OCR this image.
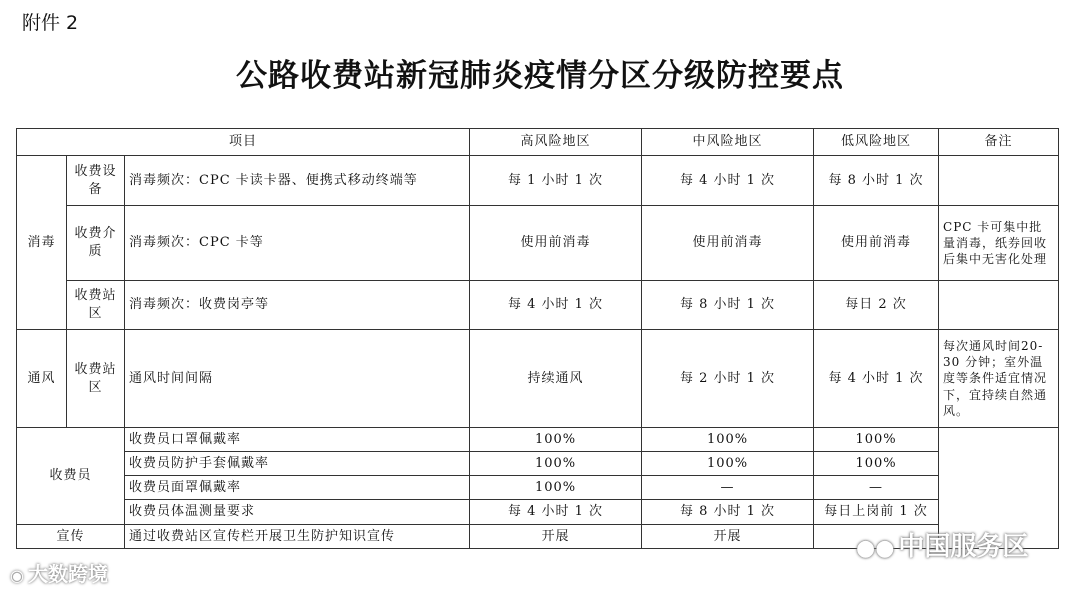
附件 2
公路收费站新冠肺炎疫情分区分级防控要点
项目			高风险地区	中风险地区	低风险地区	备注
消毒	收费设备	消毒频次：CPC 卡读卡器、便携式移动终端等	每 1 小时 1 次	每 4 小时 1 次	每 8 小时 1 次	
	收费介质	消毒频次：CPC 卡等	使用前消毒	使用前消毒	使用前消毒	CPC 卡可集中批量消毒，纸券回收后集中无害化处理
	收费站区	消毒频次：收费岗亭等	每 4 小时 1 次	每 8 小时 1 次	每日 2 次	
通风	收费站区	通风时间间隔	持续通风	每 2 小时 1 次	每 4 小时 1 次	每次通风时间20-30 分钟；室外温度等条件适宜情况下，宜持续自然通风。
收费员		收费员口罩佩戴率	100%	100%	100%	
		收费员防护手套佩戴率	100%	100%	100%	
		收费员面罩佩戴率	100%	—	—	
		收费员体温测量要求	每 4 小时 1 次	每 8 小时 1 次	每日上岗前 1 次	
宣传		通过收费站区宣传栏开展卫生防护知识宣传	开展	开展			●● 中国服务区
◉ 大数跨境
